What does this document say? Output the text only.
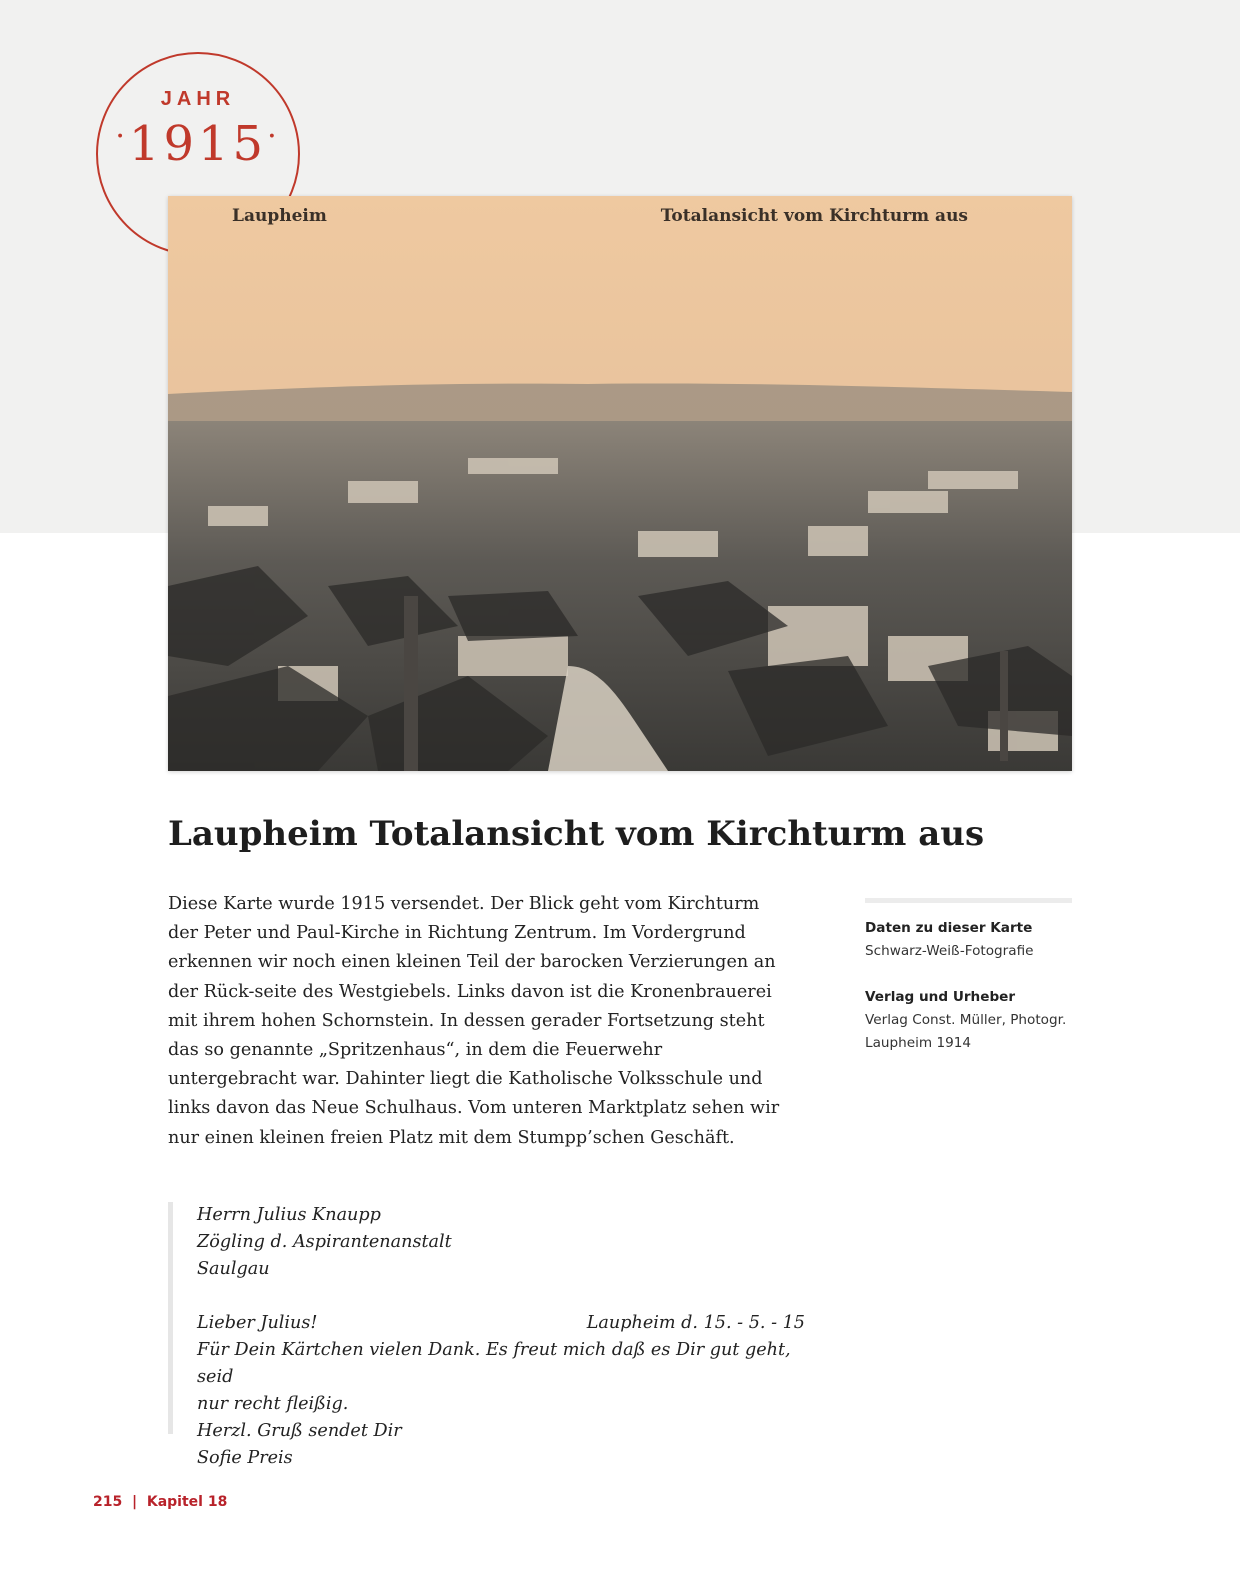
JAHR
·1915·
Laupheim	Totalansicht vom Kirchturm aus
Laupheim Totalansicht vom Kirchturm aus

Diese Karte wurde 1915 versendet. Der Blick geht vom Kirchturm der Peter und Paul-Kirche in Richtung Zentrum. Im Vordergrund erkennen wir noch einen kleinen Teil der barocken Verzierungen an der Rück-seite des Westgiebels. Links davon ist die Kronenbrauerei mit ihrem hohen Schornstein. In dessen gerader Fortsetzung steht das so genannte „Spritzenhaus“, in dem die Feuerwehr untergebracht war. Dahinter liegt die Katholische Volksschule und links davon das Neue Schulhaus. Vom unteren Marktplatz sehen wir nur einen kleinen freien Platz mit dem Stumpp’schen Geschäft.

Daten zu dieser Karte
Schwarz-Weiß-Fotografie
Verlag und Urheber
Verlag Const. Müller, Photogr.
Laupheim 1914
Herrn Julius Knaupp
Zögling d. Aspirantenanstalt
Saulgau
Lieber Julius!	Laupheim d. 15. - 5. - 15
Für Dein Kärtchen vielen Dank. Es freut mich daß es Dir gut geht, seid
nur recht fleißig.
Herzl. Gruß sendet Dir
Sofie Preis
215 | Kapitel 18
